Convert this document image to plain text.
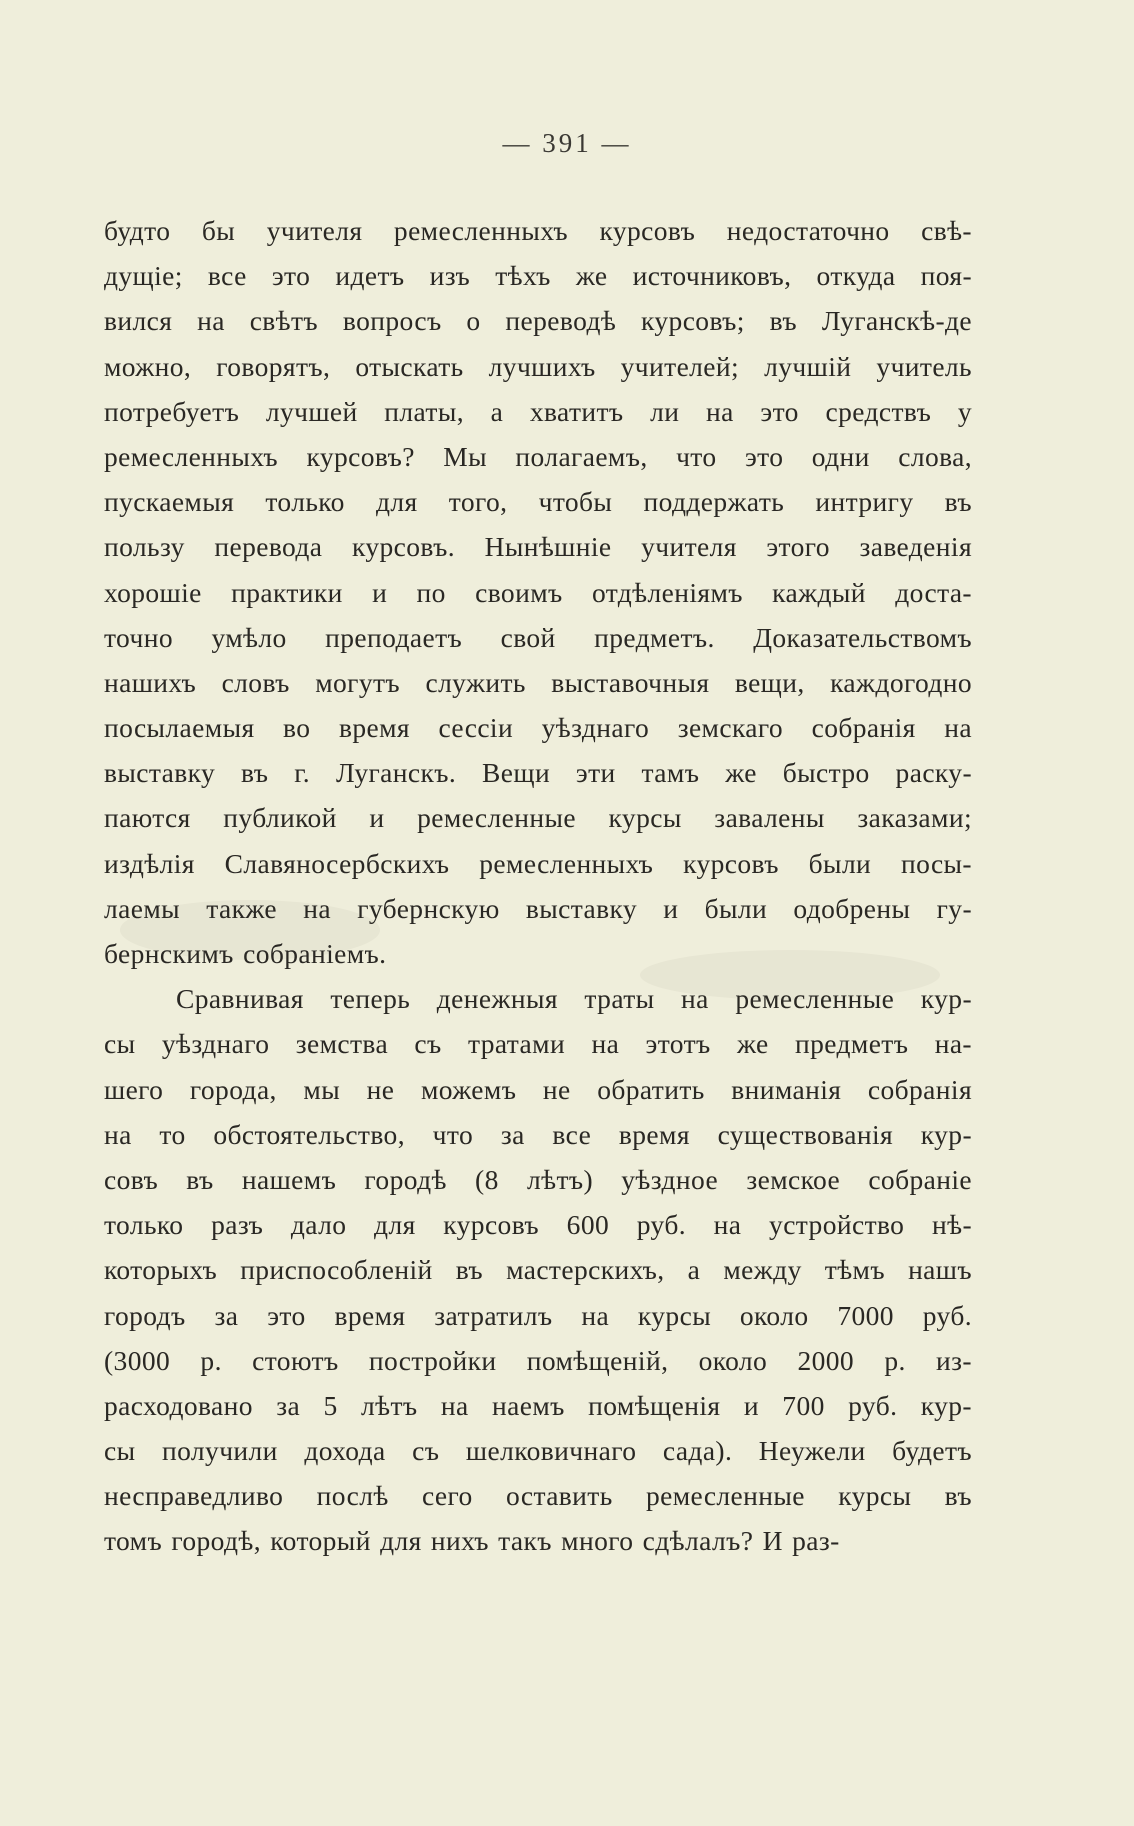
— 391 —
будто бы учителя ремесленныхъ курсовъ недостаточно свѣ-
дущіе; все это идетъ изъ тѣхъ же источниковъ, откуда поя-
вился на свѣтъ вопросъ о переводѣ курсовъ; въ Луганскѣ-де
можно, говорятъ, отыскать лучшихъ учителей; лучшій учитель
потребуетъ лучшей платы, а хватитъ ли на это средствъ у
ремесленныхъ курсовъ? Мы полагаемъ, что это одни слова,
пускаемыя только для того, чтобы поддержать интригу въ
пользу перевода курсовъ. Нынѣшніе учителя этого заведенія
хорошіе практики и по своимъ отдѣленіямъ каждый доста-
точно умѣло преподаетъ свой предметъ. Доказательствомъ
нашихъ словъ могутъ служить выставочныя вещи, каждогодно
посылаемыя во время сессіи уѣзднаго земскаго собранія на
выставку въ г. Луганскъ. Вещи эти тамъ же быстро раску-
паются публикой и ремесленные курсы завалены заказами;
издѣлія Славяносербскихъ ремесленныхъ курсовъ были посы-
лаемы также на губернскую выставку и были одобрены гу-
бернскимъ собраніемъ.
Сравнивая теперь денежныя траты на ремесленные кур-
сы уѣзднаго земства съ тратами на этотъ же предметъ на-
шего города, мы не можемъ не обратить вниманія собранія
на то обстоятельство, что за все время существованія кур-
совъ въ нашемъ городѣ (8 лѣтъ) уѣздное земское собраніе
только разъ дало для курсовъ 600 руб. на устройство нѣ-
которыхъ приспособленій въ мастерскихъ, а между тѣмъ нашъ
городъ за это время затратилъ на курсы около 7000 руб.
(3000 р. стоютъ постройки помѣщеній, около 2000 р. из-
расходовано за 5 лѣтъ на наемъ помѣщенія и 700 руб. кур-
сы получили дохода съ шелковичнаго сада). Неужели будетъ
несправедливо послѣ сего оставить ремесленные курсы въ
томъ городѣ, который для нихъ такъ много сдѣлалъ? И раз-
